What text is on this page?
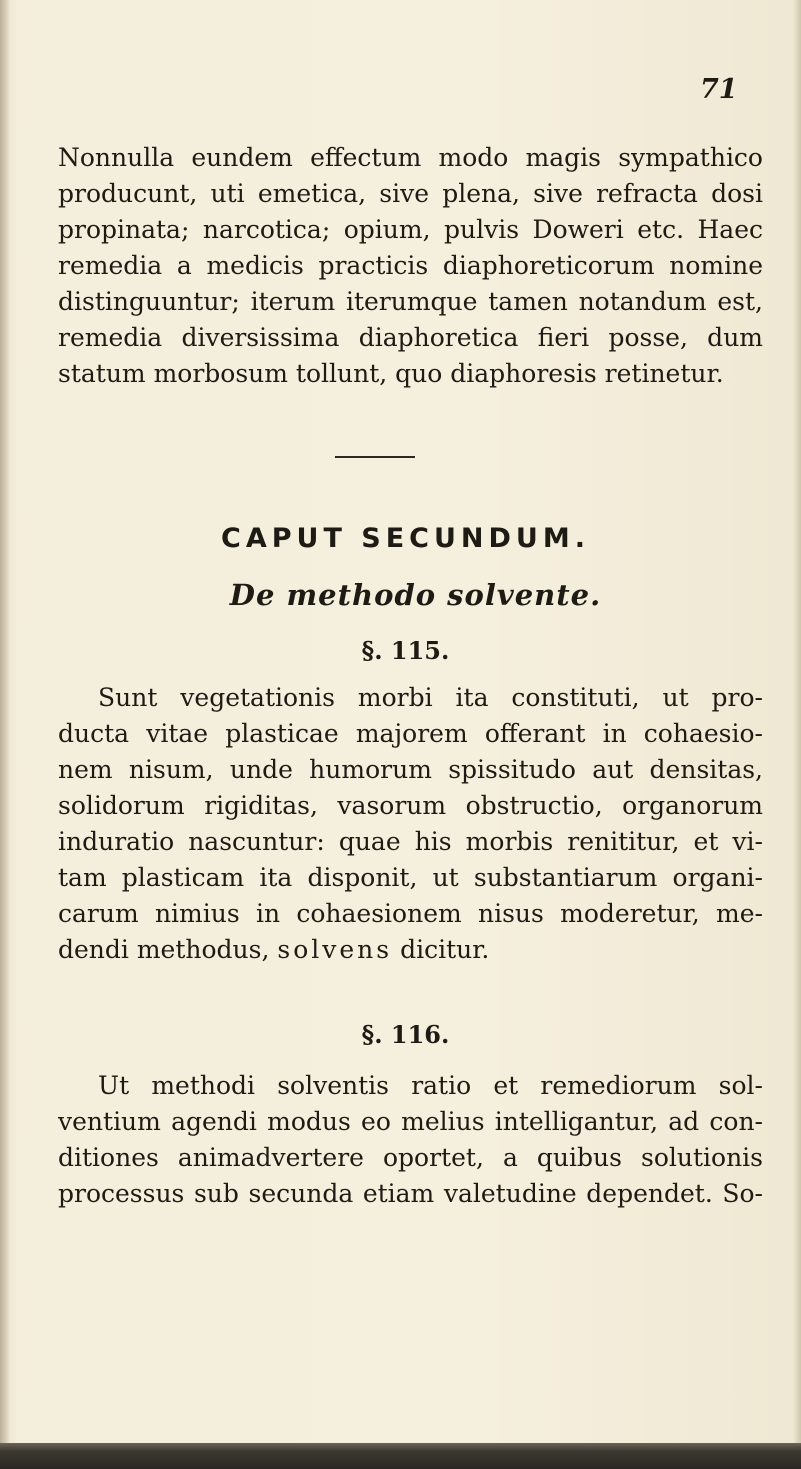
71
Nonnulla eundem effectum modo magis sympathico
producunt, uti emetica, sive plena, sive refracta dosi
propinata; narcotica; opium, pulvis Doweri etc. Haec
remedia a medicis practicis diaphoreticorum nomine
distinguuntur; iterum iterumque tamen notandum est,
remedia diversissima diaphoretica fieri posse, dum
statum morbosum tollunt, quo diaphoresis retinetur.
CAPUT SECUNDUM.
De methodo solvente.
§. 115.
Sunt vegetationis morbi ita constituti, ut pro-
ducta vitae plasticae majorem offerant in cohaesio-
nem nisum, unde humorum spissitudo aut densitas,
solidorum rigiditas, vasorum obstructio, organorum
induratio nascuntur: quae his morbis renititur, et vi-
tam plasticam ita disponit, ut substantiarum organi-
carum nimius in cohaesionem nisus moderetur, me-
dendi methodus, solvens dicitur.
§. 116.
Ut methodi solventis ratio et remediorum sol-
ventium agendi modus eo melius intelligantur, ad con-
ditiones animadvertere oportet, a quibus solutionis
processus sub secunda etiam valetudine dependet. So-
